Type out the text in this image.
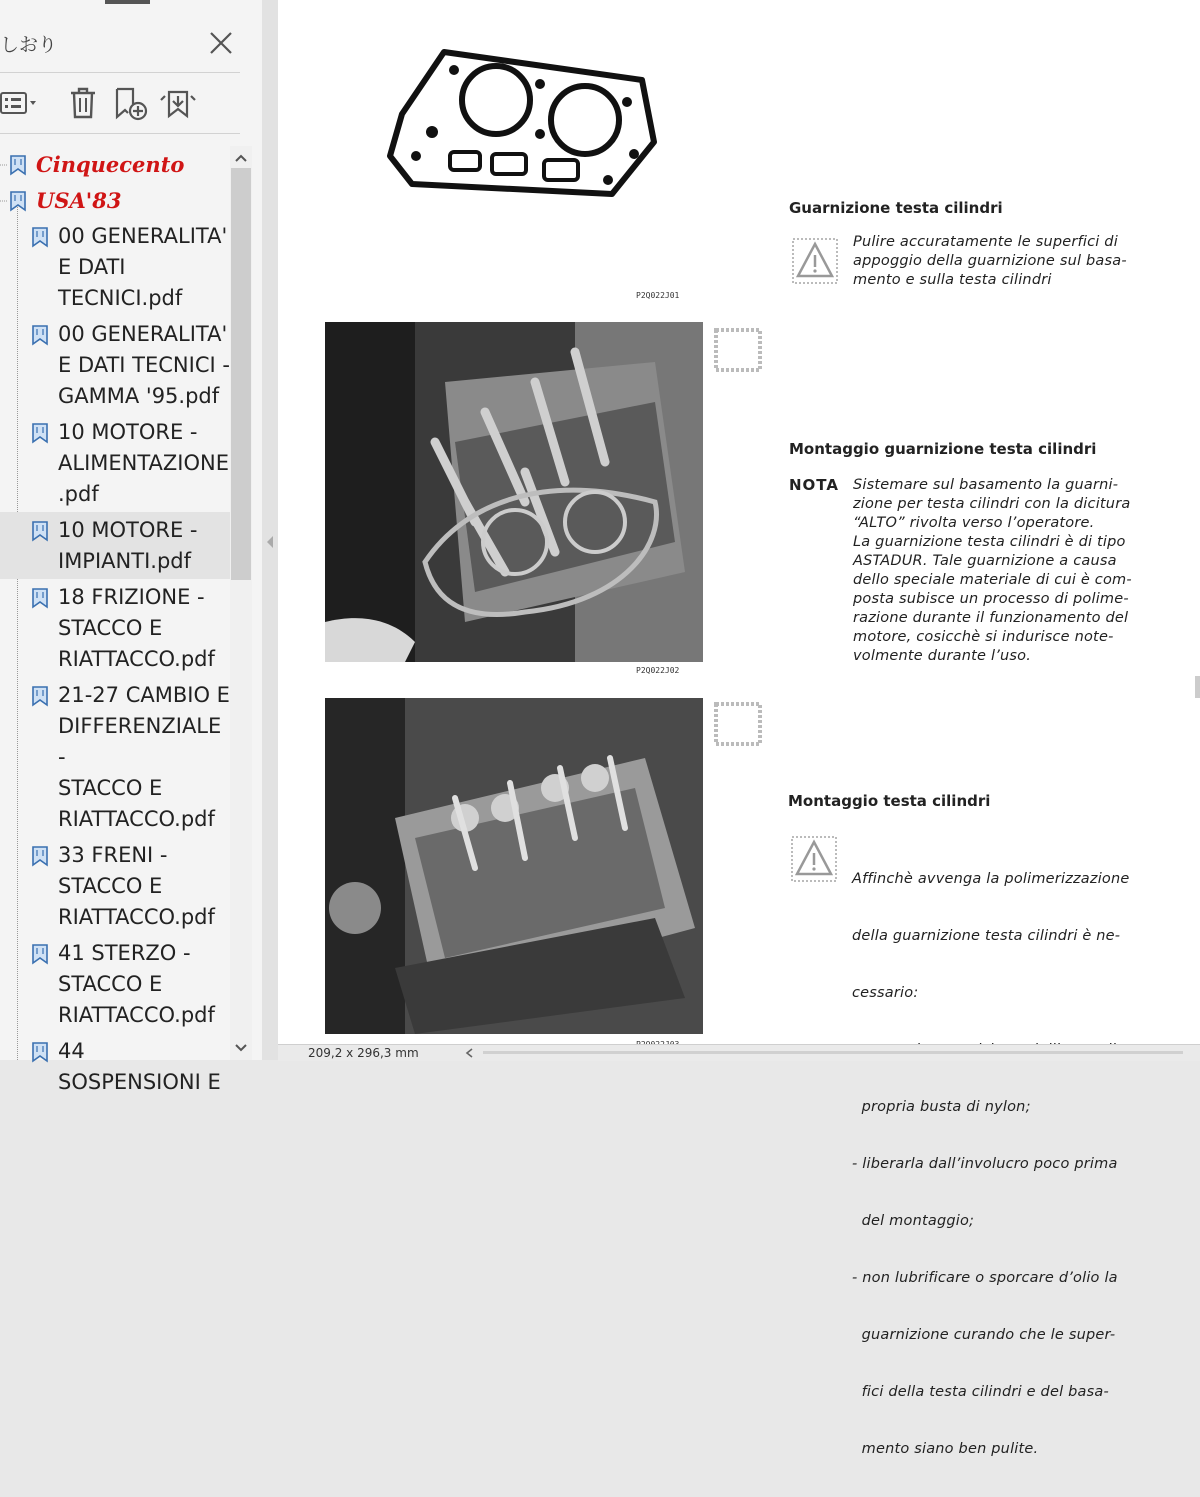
しおり
Cinquecento
USA'83
00 GENERALITA'
E DATI
TECNICI.pdf
00 GENERALITA'
E DATI TECNICI -
GAMMA '95.pdf
10 MOTORE -
ALIMENTAZIONE
.pdf
10 MOTORE -
IMPIANTI.pdf
18 FRIZIONE -
STACCO E
RIATTACCO.pdf
21-27 CAMBIO E
DIFFERENZIALE -
STACCO E
RIATTACCO.pdf
33 FRENI -
STACCO E
RIATTACCO.pdf
41 STERZO -
STACCO E
RIATTACCO.pdf
44
SOSPENSIONI E
P2Q022J01
P2Q022J02
Guarnizione testa cilindri
Pulire accuratamente le superfici di
appoggio della guarnizione sul basa-
mento e sulla testa cilindri
Montaggio guarnizione testa cilindri
NOTA Sistemare sul basamento la guarni-
zione per testa cilindri con la dicitura
“ALTO” rivolta verso l’operatore.
La guarnizione testa cilindri è di tipo
ASTADUR. Tale guarnizione a causa
dello speciale materiale di cui è com-
posta subisce un processo di polime-
razione durante il funzionamento del
motore, cosicchè si indurisce note-
volmente durante l’uso.
Montaggio testa cilindri

Affinchè avvenga la polimerizzazione

della guarnizione testa cilindri è ne-

cessario:

propria busta di nylon;

- liberarla dall’involucro poco prima

del montaggio;

- non lubrificare o sporcare d’olio la

guarnizione curando che le super-

fici della testa cilindri e del basa-

mento siano ben pulite.

209,2 x 296,3 mm
